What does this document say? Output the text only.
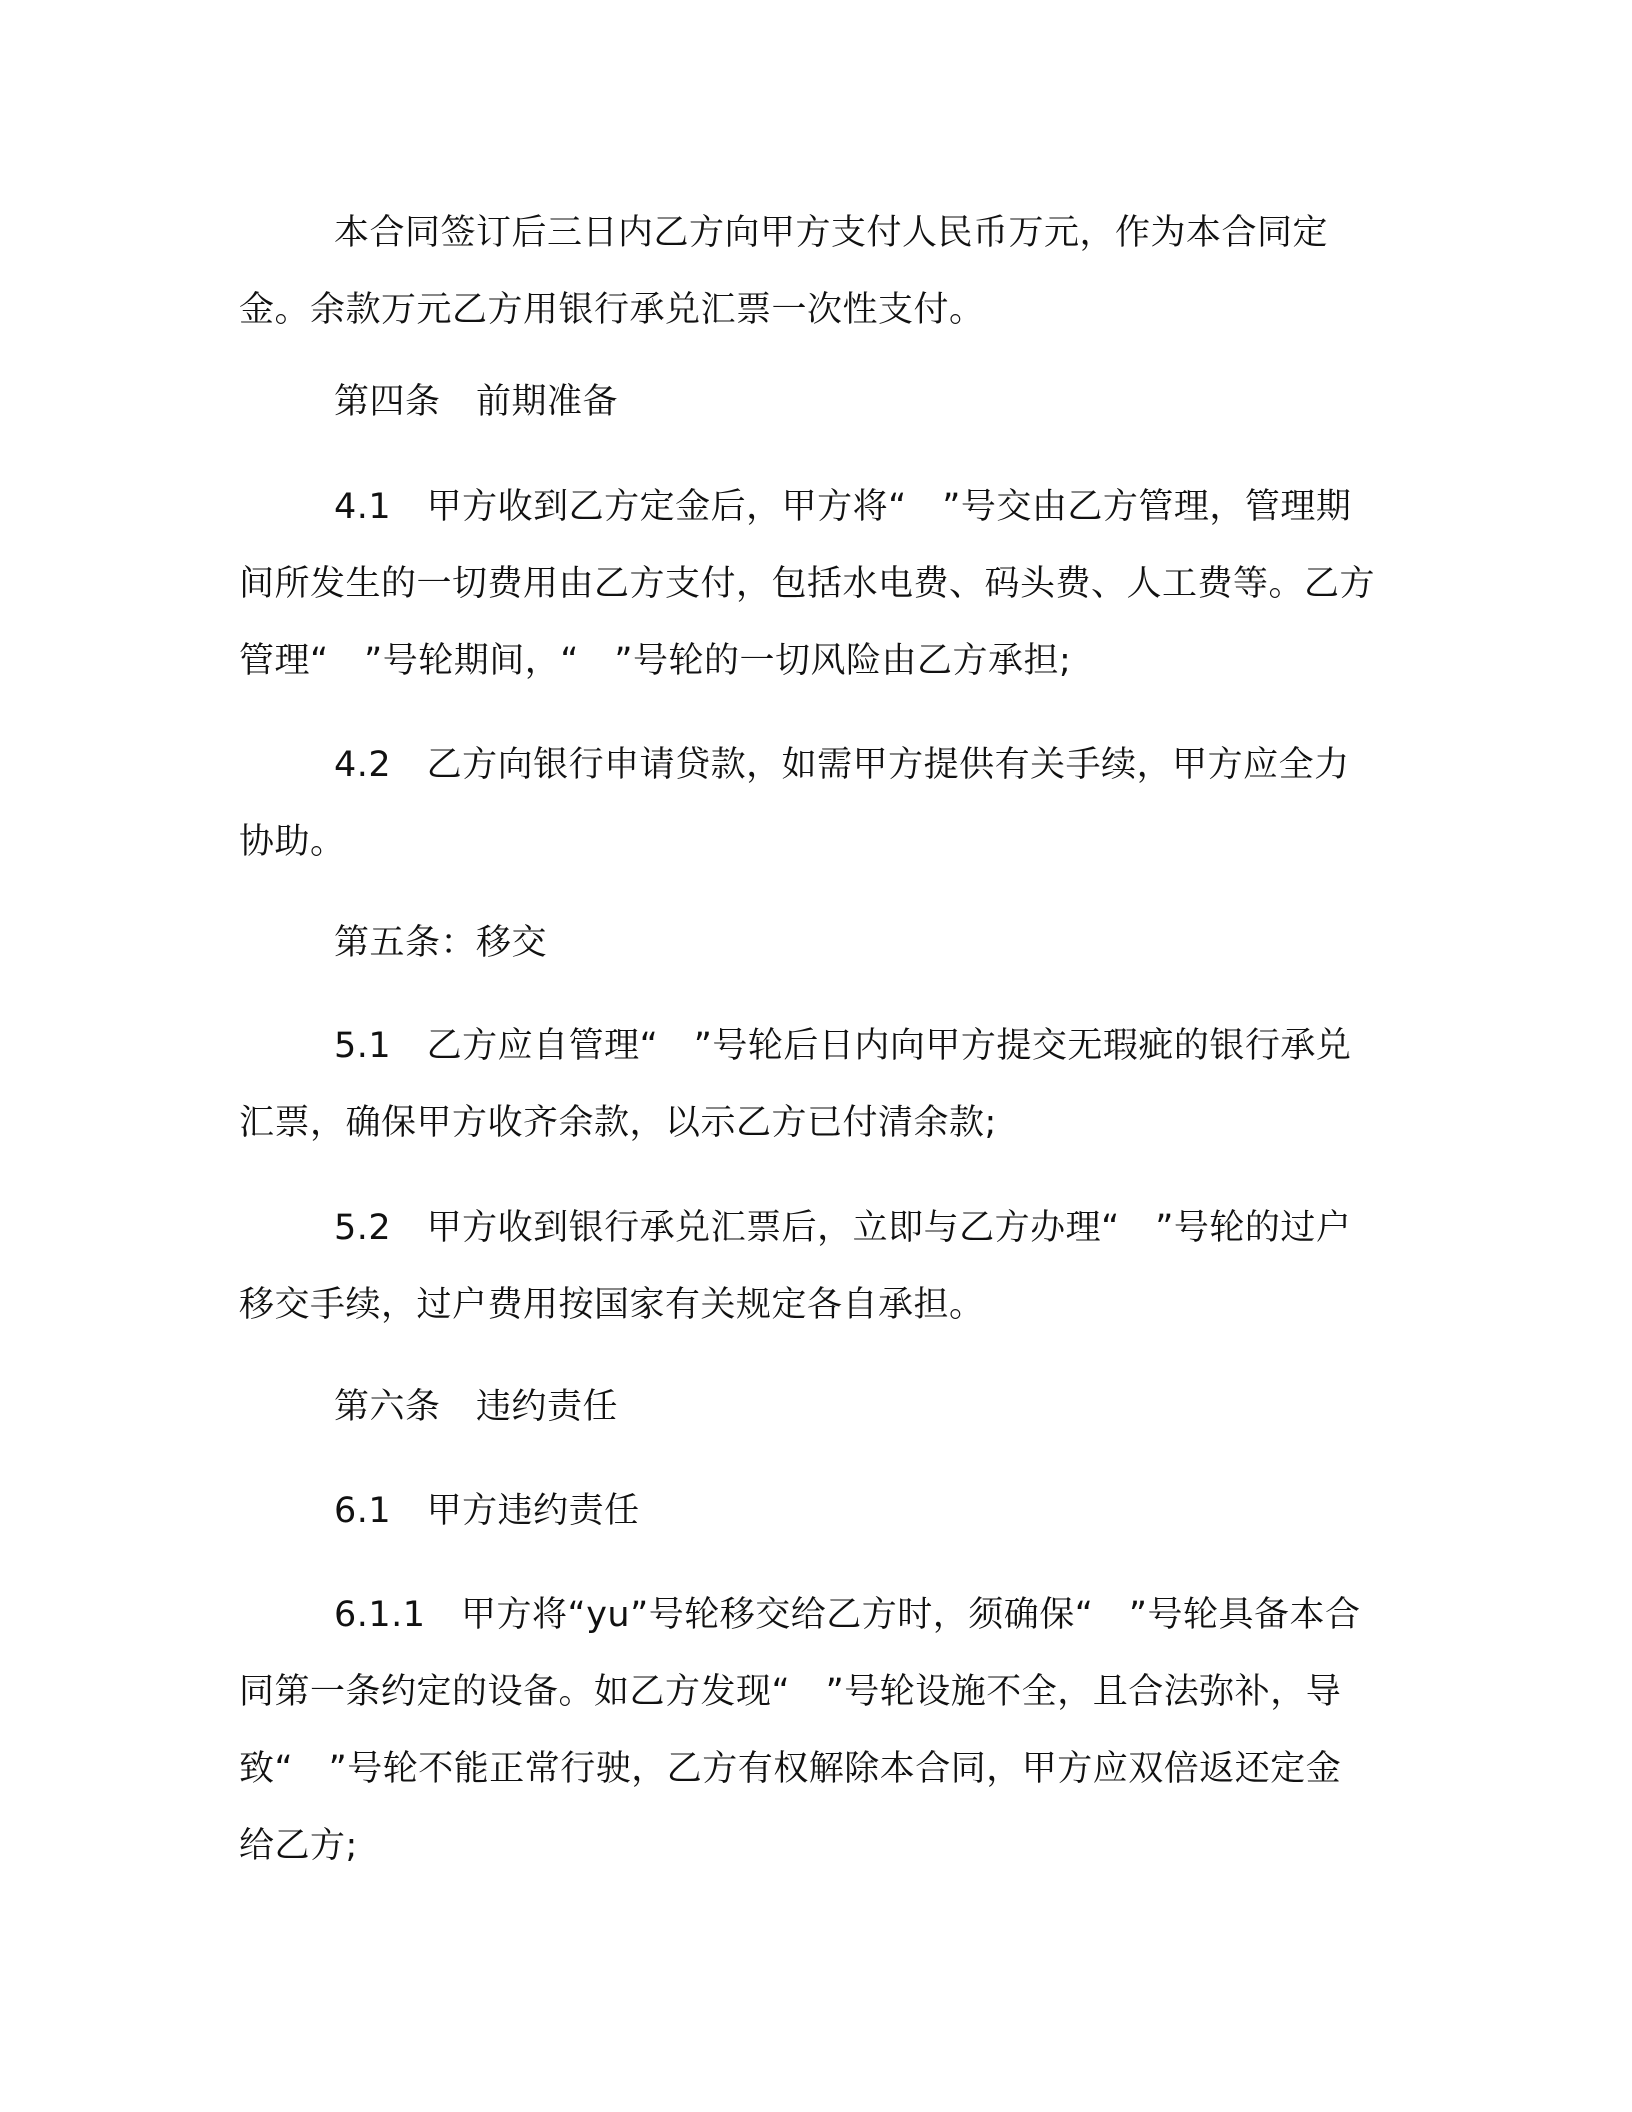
本合同签订后三日内乙方向甲方支付人民币万元，作为本合同定金。余款万元乙方用银行承兑汇票一次性支付。

第四条　前期准备

4.1　甲方收到乙方定金后，甲方将“　”号交由乙方管理，管理期间所发生的一切费用由乙方支付，包括水电费、码头费、人工费等。乙方管理“　”号轮期间，“　”号轮的一切风险由乙方承担;

4.2　乙方向银行申请贷款，如需甲方提供有关手续，甲方应全力协助。

第五条：移交

5.1　乙方应自管理“　”号轮后日内向甲方提交无瑕疵的银行承兑汇票，确保甲方收齐余款，以示乙方已付清余款;

5.2　甲方收到银行承兑汇票后，立即与乙方办理“　”号轮的过户移交手续，过户费用按国家有关规定各自承担。

第六条　违约责任

6.1　甲方违约责任

6.1.1　甲方将“yu”号轮移交给乙方时，须确保“　”号轮具备本合同第一条约定的设备。如乙方发现“　”号轮设施不全，且合法弥补，导致“　”号轮不能正常行驶，乙方有权解除本合同，甲方应双倍返还定金给乙方;
